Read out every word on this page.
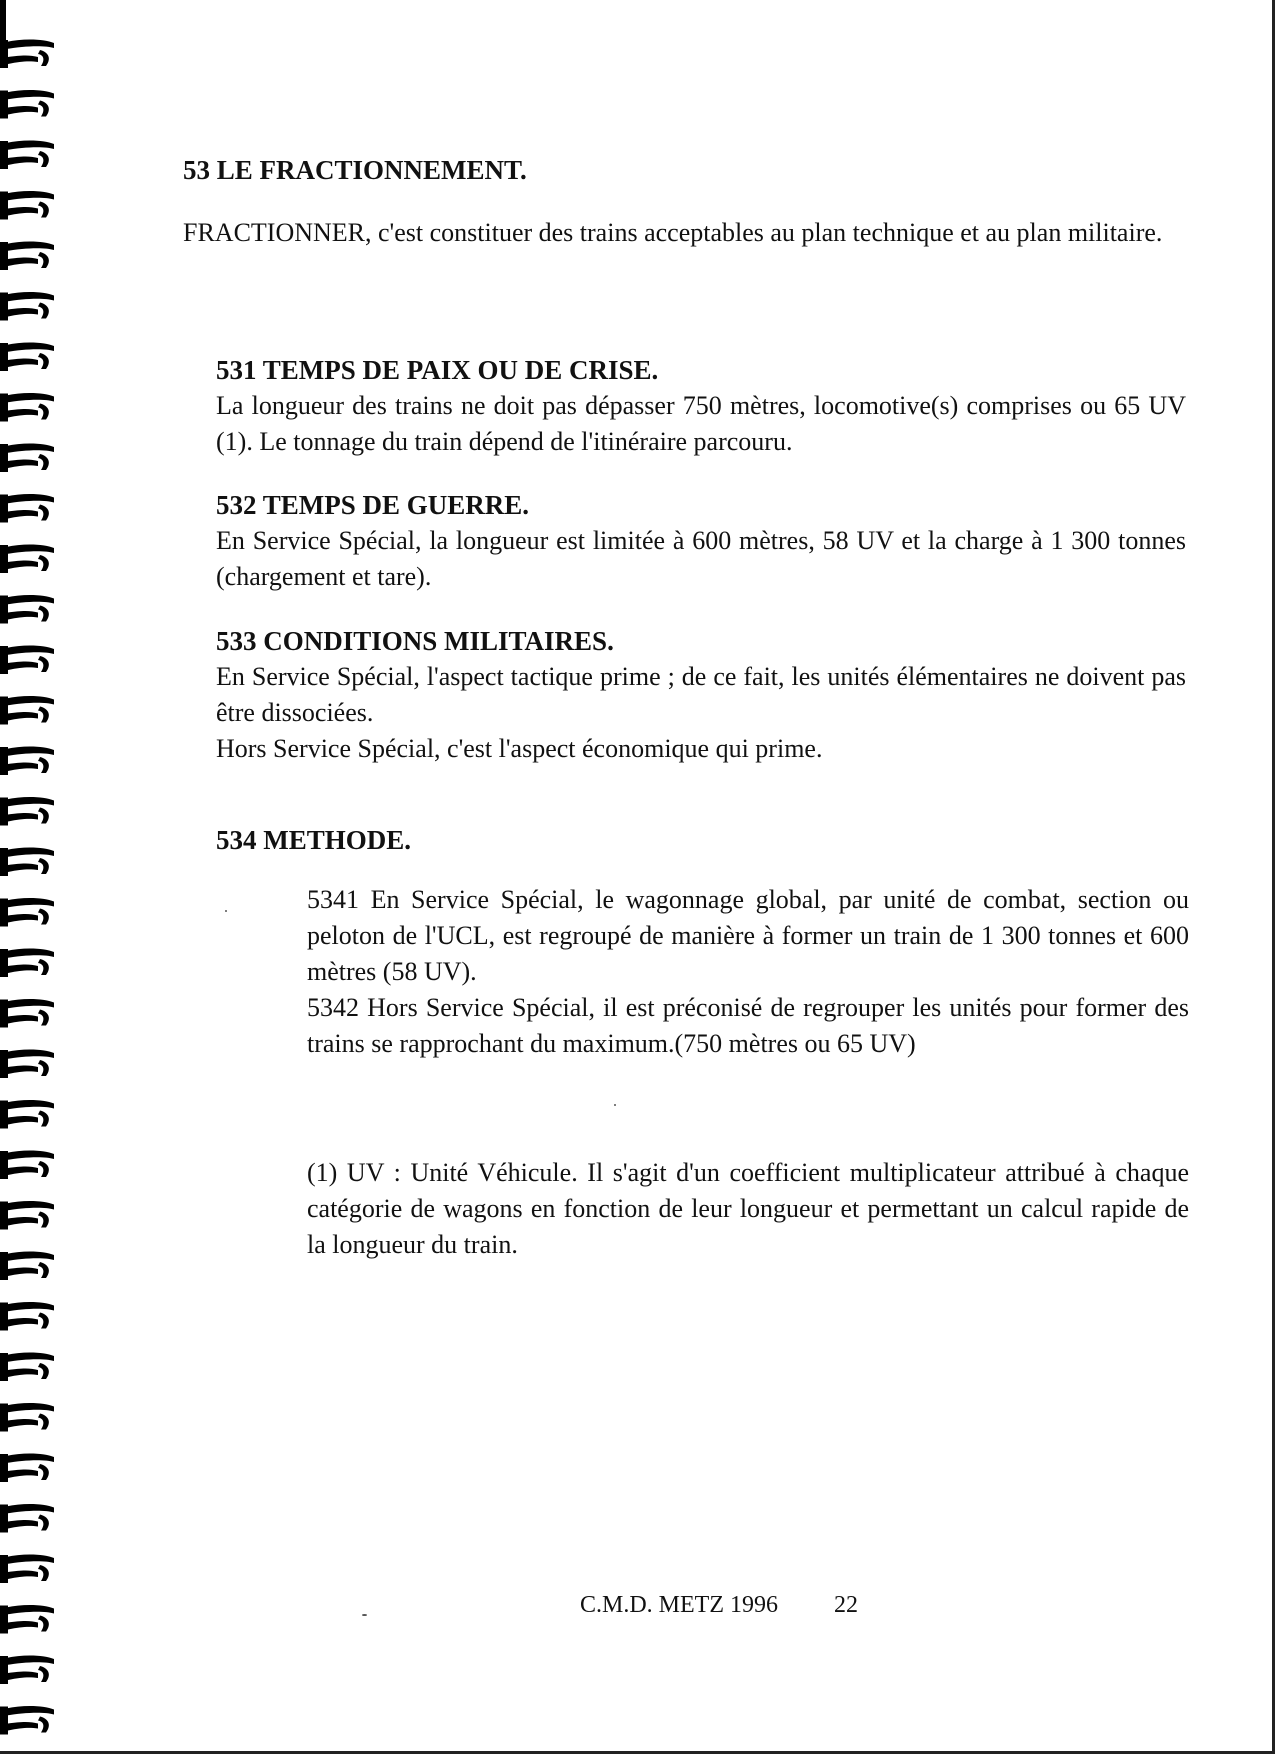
53 LE FRACTIONNEMENT.
FRACTIONNER, c'est constituer des trains acceptables au plan technique et au plan militaire.
531 TEMPS DE PAIX OU DE CRISE.
La longueur des trains ne doit pas dépasser 750 mètres, locomotive(s) comprises ou 65 UV (1). Le tonnage du train dépend de l'itinéraire parcouru.
532 TEMPS DE GUERRE.
En Service Spécial, la longueur est limitée à 600 mètres, 58 UV et la charge à 1 300 tonnes (chargement et tare).
533 CONDITIONS MILITAIRES.
En Service Spécial, l'aspect tactique prime ; de ce fait, les unités élémentaires ne doivent pas être dissociées.
Hors Service Spécial, c'est l'aspect économique qui prime.
534 METHODE.
5341 En Service Spécial, le wagonnage global, par unité de combat, section ou peloton de l'UCL, est regroupé de manière à former un train de 1 300 tonnes et 600 mètres (58 UV).
5342 Hors Service Spécial, il est préconisé de regrouper les unités pour former des trains se rapprochant du maximum.(750 mètres ou 65 UV)
(1) UV : Unité Véhicule. Il s'agit d'un coefficient multiplicateur attribué à chaque catégorie de wagons en fonction de leur longueur et permettant un calcul rapide de la longueur du train.
C.M.D. METZ 1996 22
